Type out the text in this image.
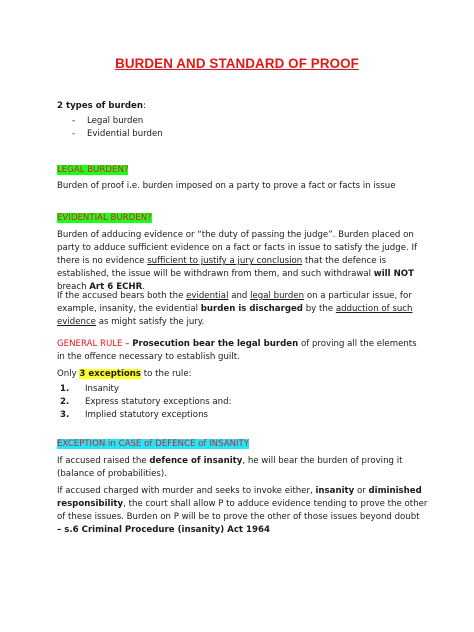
BURDEN AND STANDARD OF PROOF
2 types of burden:
- Legal burden
- Evidential burden
LEGAL BURDEN?
Burden of proof i.e. burden imposed on a party to prove a fact or facts in issue
EVIDENTIAL BURDEN?
Burden of adducing evidence or “the duty of passing the judge”. Burden placed on
party to adduce sufficient evidence on a fact or facts in issue to satisfy the judge. If
there is no evidence sufficient to justify a jury conclusion that the defence is
established, the issue will be withdrawn from them, and such withdrawal will NOT
breach Art 6 ECHR.
If the accused bears both the evidential and legal burden on a particular issue, for
example, insanity, the evidential burden is discharged by the adduction of such
evidence as might satisfy the jury.
GENERAL RULE – Prosecution bear the legal burden of proving all the elements
in the offence necessary to establish guilt.
Only 3 exceptions to the rule:
1. Insanity
2. Express statutory exceptions and:
3. Implied statutory exceptions
EXCEPTION in CASE of DEFENCE of INSANITY
If accused raised the defence of insanity, he will bear the burden of proving it
(balance of probabilities).
If accused charged with murder and seeks to invoke either, insanity or diminished
responsibility, the court shall allow P to adduce evidence tending to prove the other
of these issues. Burden on P will be to prove the other of those issues beyond doubt
– s.6 Criminal Procedure (insanity) Act 1964
